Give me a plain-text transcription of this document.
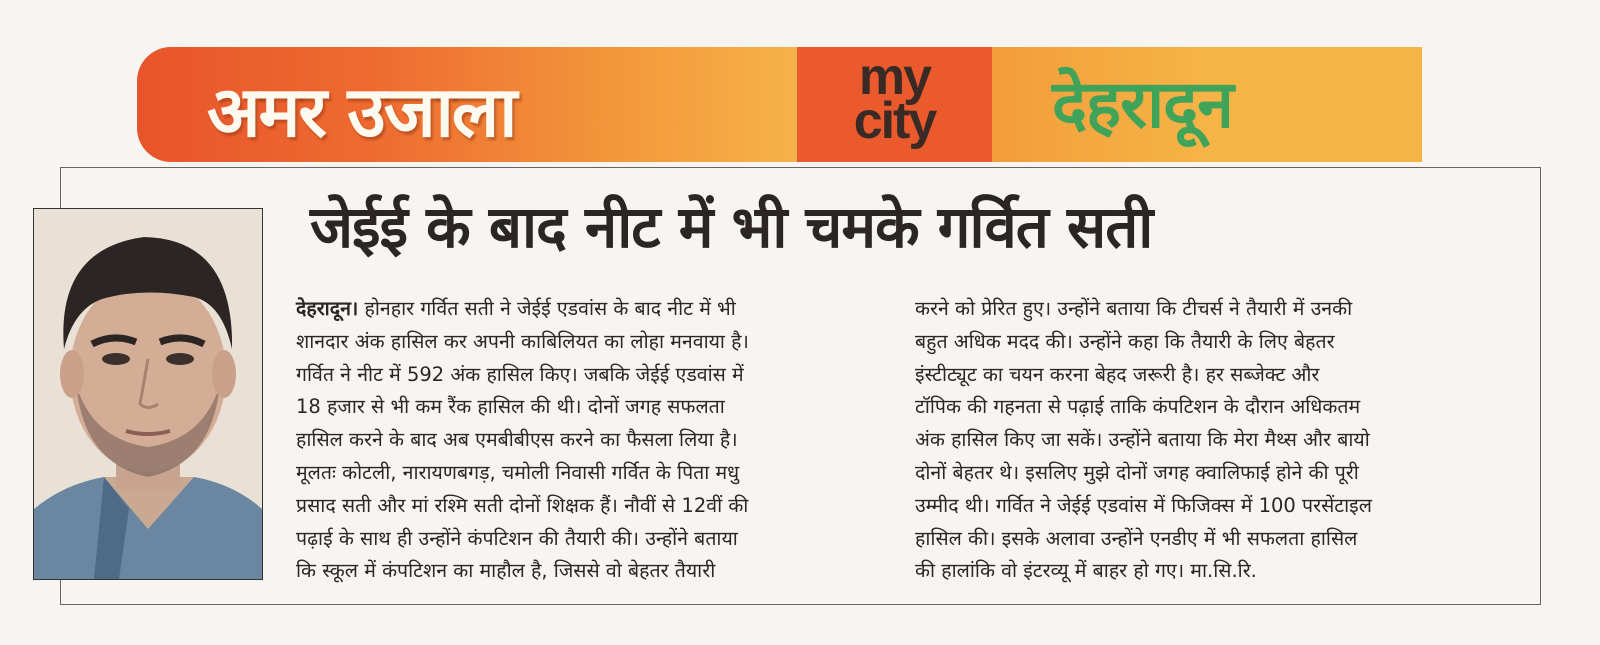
अमर उजाला	my
city	देहरादून
जेईई के बाद नीट में भी चमके गर्वित सती
देहरादून। होनहार गर्वित सती ने जेईई एडवांस के बाद नीट में भी
शानदार अंक हासिल कर अपनी काबिलियत का लोहा मनवाया है।
गर्वित ने नीट में 592 अंक हासिल किए। जबकि जेईई एडवांस में
18 हजार से भी कम रैंक हासिल की थी। दोनों जगह सफलता
हासिल करने के बाद अब एमबीबीएस करने का फैसला लिया है।
मूलतः कोटली, नारायणबगड़, चमोली निवासी गर्वित के पिता मधु
प्रसाद सती और मां रश्मि सती दोनों शिक्षक हैं। नौवीं से 12वीं की
पढ़ाई के साथ ही उन्होंने कंपटिशन की तैयारी की। उन्होंने बताया
कि स्कूल में कंपटिशन का माहौल है, जिससे वो बेहतर तैयारी
करने को प्रेरित हुए। उन्होंने बताया कि टीचर्स ने तैयारी में उनकी
बहुत अधिक मदद की। उन्होंने कहा कि तैयारी के लिए बेहतर
इंस्टीट्यूट का चयन करना बेहद जरूरी है। हर सब्जेक्ट और
टॉपिक की गहनता से पढ़ाई ताकि कंपटिशन के दौरान अधिकतम
अंक हासिल किए जा सकें। उन्होंने बताया कि मेरा मैथ्स और बायो
दोनों बेहतर थे। इसलिए मुझे दोनों जगह क्वालिफाई होने की पूरी
उम्मीद थी। गर्वित ने जेईई एडवांस में फिजिक्स में 100 परसेंटाइल
हासिल की। इसके अलावा उन्होंने एनडीए में भी सफलता हासिल
की हालांकि वो इंटरव्यू में बाहर हो गए। मा.सि.रि.
